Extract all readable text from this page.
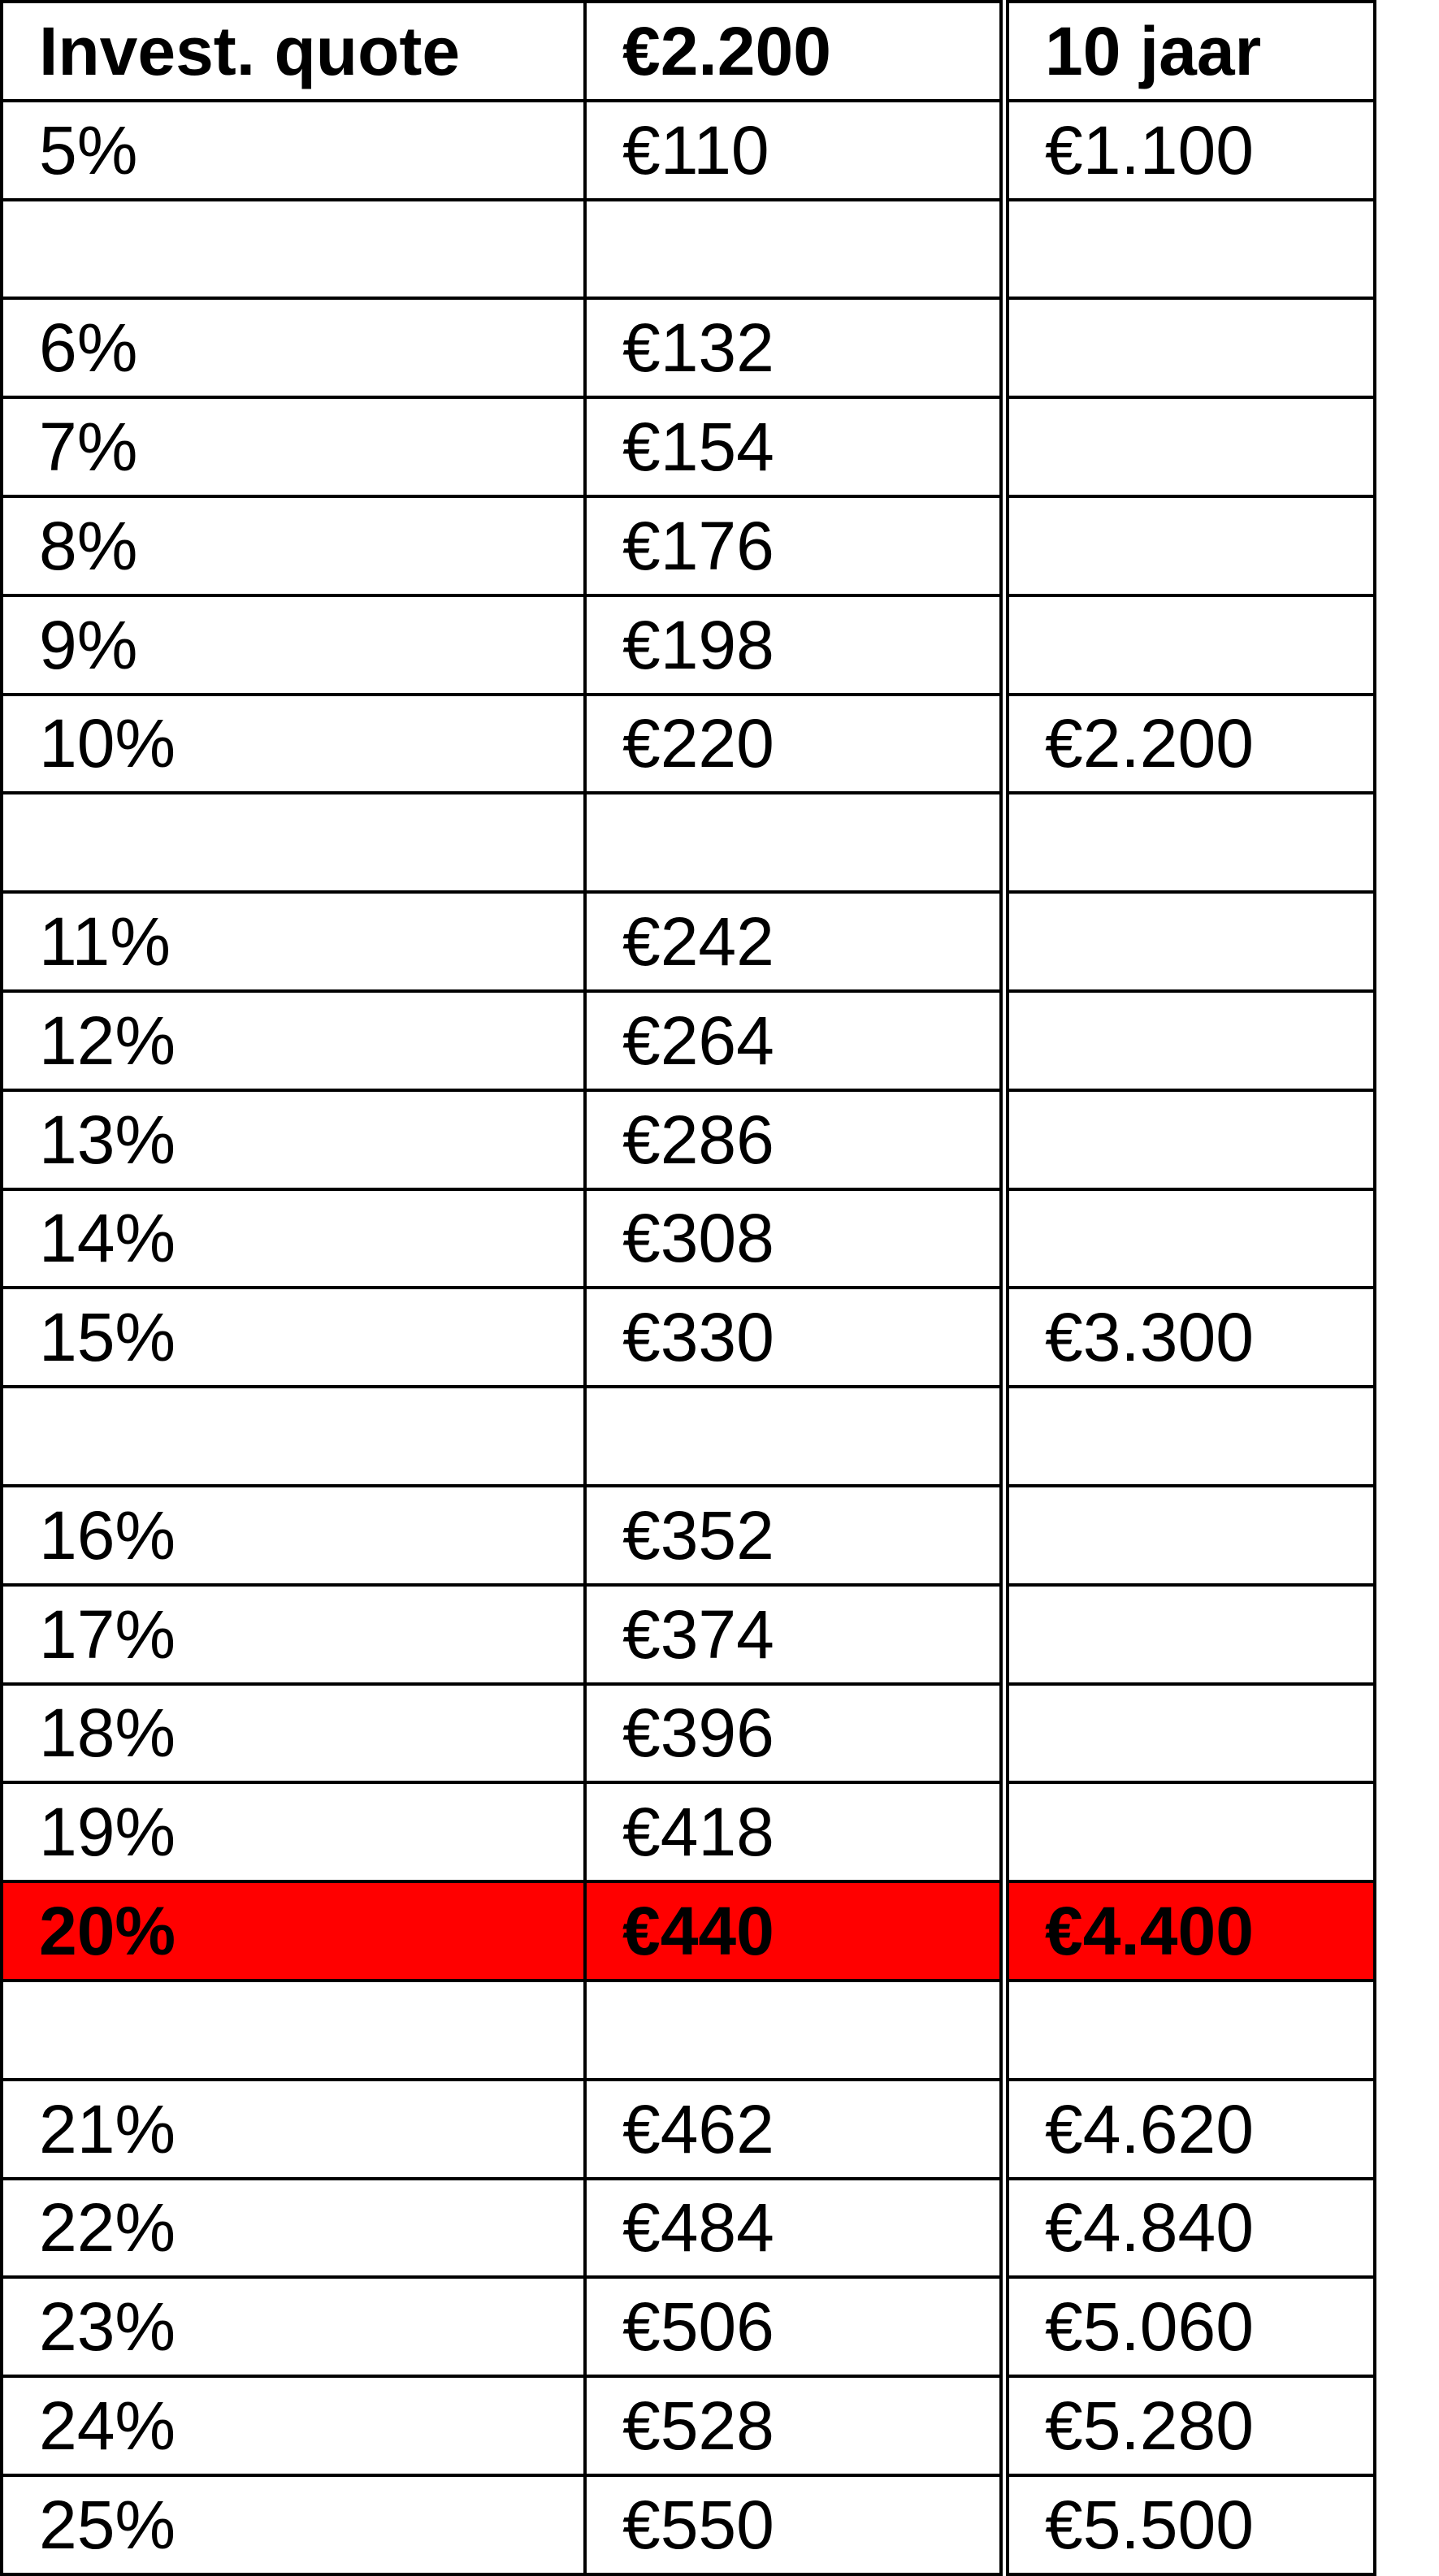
Invest. quote	€2.200	10 jaar
5%	€110	€1.100

6%	€132	
7%	€154	
8%	€176	
9%	€198	
10%	€220	€2.200

11%	€242	
12%	€264	
13%	€286	
14%	€308	
15%	€330	€3.300

16%	€352	
17%	€374	
18%	€396	
19%	€418	
20%	€440	€4.400

21%	€462	€4.620
22%	€484	€4.840
23%	€506	€5.060
24%	€528	€5.280
25%	€550	€5.500
